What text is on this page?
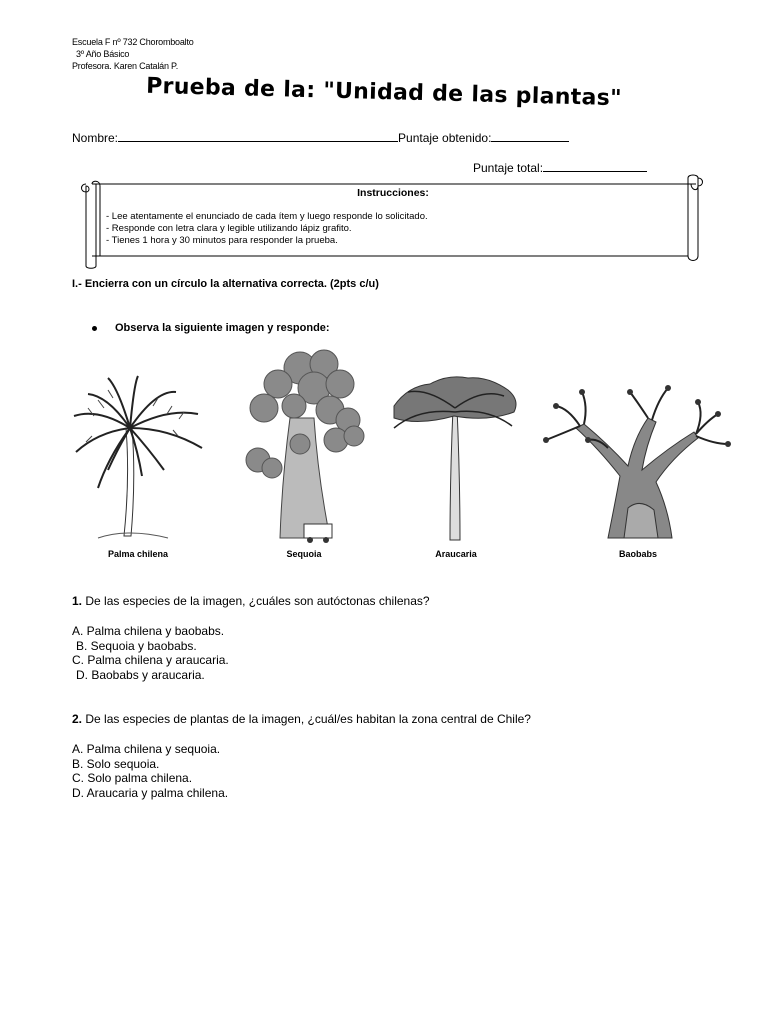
Escuela F nº 732 Choromboalto
3º Año Básico
Profesora. Karen Catalán P.
Prueba de la: "Unidad de las plantas"
Nombre:	Puntaje obtenido:
Puntaje total:
Instrucciones:
- Lee atentamente el enunciado de cada ítem y luego responde lo solicitado.
- Responde con letra clara y legible utilizando lápiz grafito.
- Tienes 1 hora y 30 minutos para responder la prueba.
I.- Encierra con un círculo la alternativa correcta. (2pts c/u)
Observa la siguiente imagen y responde:
Palma chilena	Sequoia	Araucaria	Baobabs
1. De las especies de la imagen, ¿cuáles son autóctonas chilenas?
A. Palma chilena y baobabs.
B. Sequoia y baobabs.
C. Palma chilena y araucaria.
D. Baobabs y araucaria.
2. De las especies de plantas de la imagen, ¿cuál/es habitan la zona central de Chile?
A. Palma chilena y sequoia.
B. Solo sequoia.
C. Solo palma chilena.
D. Araucaria y palma chilena.
